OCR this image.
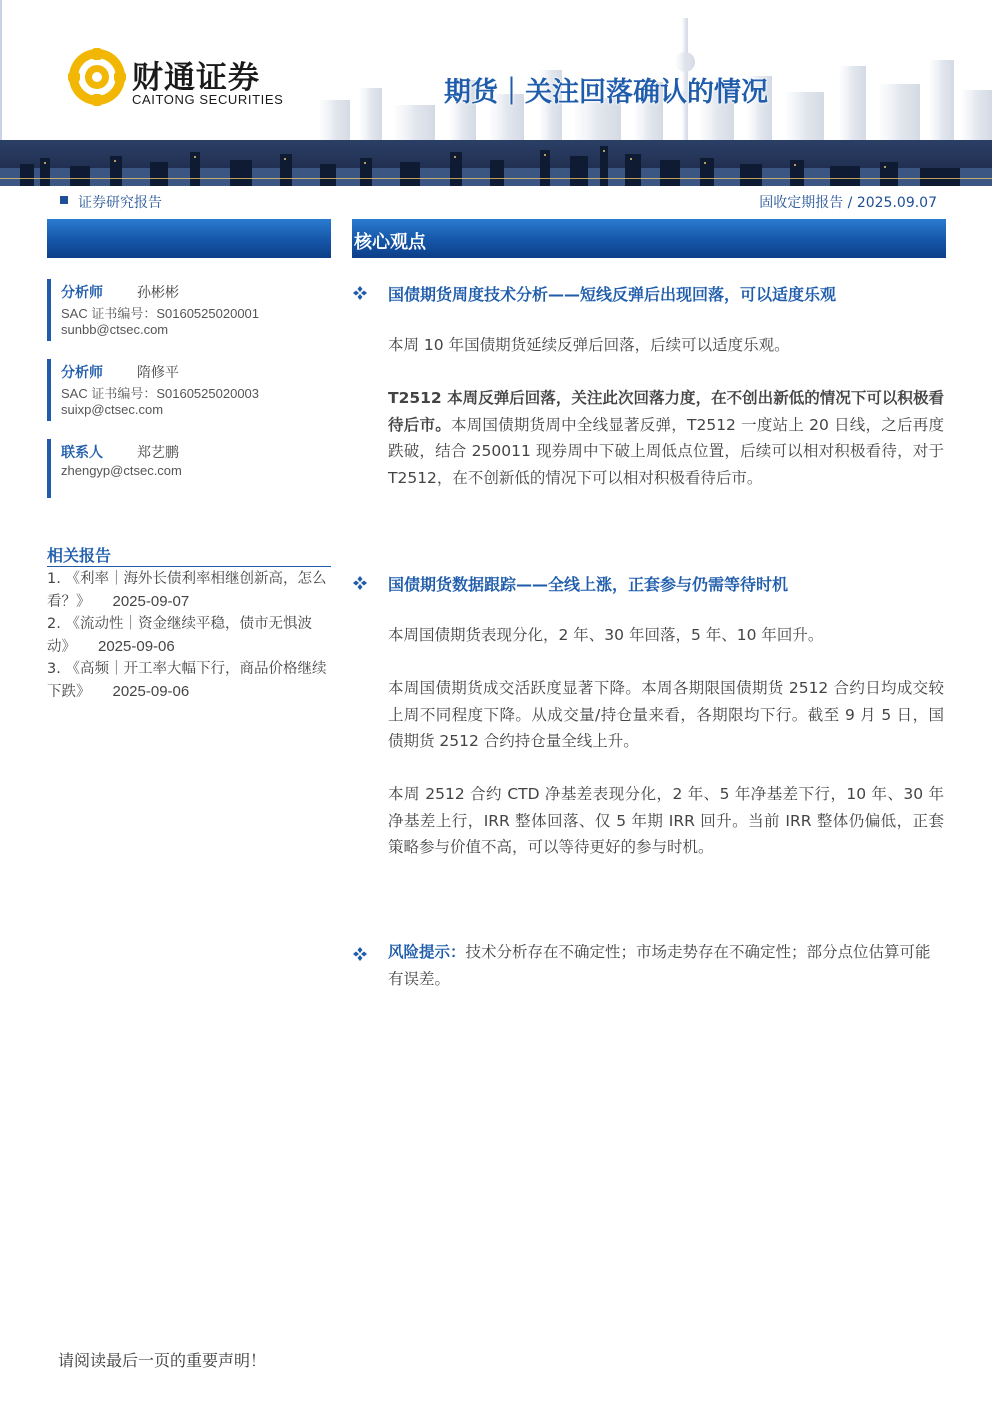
财通证券
CAITONG SECURITIES	期货｜关注回落确认的情况
证券研究报告	固收定期报告 / 2025.09.07
核心观点
分析师 孙彬彬
SAC 证书编号：S0160525020001
sunbb@ctsec.com
分析师 隋修平
SAC 证书编号：S0160525020003
suixp@ctsec.com
联系人 郑艺鹏
zhengyp@ctsec.com
相关报告
1. 《利率｜海外长债利率相继创新高，怎么看？》 2025-09-07
2. 《流动性｜资金继续平稳，债市无惧波动》 2025-09-06
3. 《高频｜开工率大幅下行，商品价格继续下跌》 2025-09-06
国债期货周度技术分析——短线反弹后出现回落，可以适度乐观
本周 10 年国债期货延续反弹后回落，后续可以适度乐观。
T2512 本周反弹后回落，关注此次回落力度，在不创出新低的情况下可以积极看待后市。本周国债期货周中全线显著反弹，T2512 一度站上 20 日线，之后再度跌破，结合 250011 现券周中下破上周低点位置，后续可以相对积极看待，对于 T2512，在不创新低的情况下可以相对积极看待后市。
国债期货数据跟踪——全线上涨，正套参与仍需等待时机
本周国债期货表现分化，2 年、30 年回落，5 年、10 年回升。
本周国债期货成交活跃度显著下降。本周各期限国债期货 2512 合约日均成交较上周不同程度下降。从成交量/持仓量来看，各期限均下行。截至 9 月 5 日，国债期货 2512 合约持仓量全线上升。
本周 2512 合约 CTD 净基差表现分化，2 年、5 年净基差下行，10 年、30 年净基差上行，IRR 整体回落、仅 5 年期 IRR 回升。当前 IRR 整体仍偏低，正套策略参与价值不高，可以等待更好的参与时机。
风险提示：技术分析存在不确定性；市场走势存在不确定性；部分点位估算可能有误差。
请阅读最后一页的重要声明！
